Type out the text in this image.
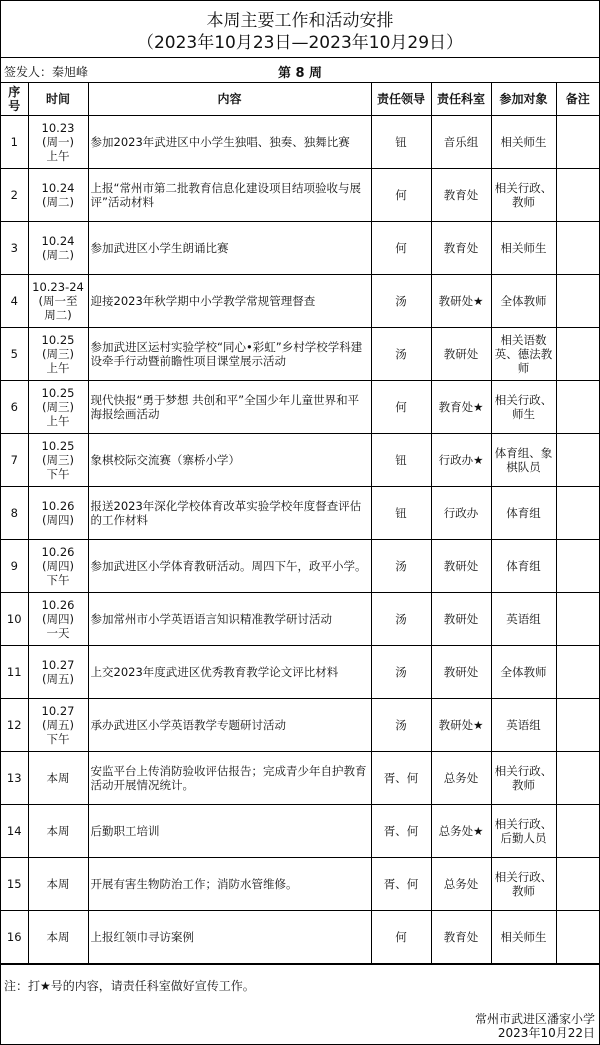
本周主要工作和活动安排
（2023年10月23日—2023年10月29日）
签发人：秦旭峰	第 8 周
序号	时间	内容	责任领导	责任科室	参加对象	备注
1	10.23
(周一)
上午	参加2023年武进区中小学生独唱、独奏、独舞比赛	钮	音乐组	相关师生	
2	10.24
(周二)	上报“常州市第二批教育信息化建设项目结项验收与展评”活动材料	何	教育处	相关行政、教师	
3	10.24
(周二)	参加武进区小学生朗诵比赛	何	教育处	相关师生	
4	10.23-24
(周一至
周二)	迎接2023年秋学期中小学教学常规管理督查	汤	教研处★	全体教师	
5	10.25
(周三)
上午	参加武进区运村实验学校“同心•彩虹”乡村学校学科建设牵手行动暨前瞻性项目课堂展示活动	汤	教研处	相关语数英、德法教师	
6	10.25
(周三)
上午	现代快报“勇于梦想 共创和平”全国少年儿童世界和平海报绘画活动	何	教育处★	相关行政、师生	
7	10.25
(周三)
下午	象棋校际交流赛（寨桥小学）	钮	行政办★	体育组、象棋队员	
8	10.26
(周四)	报送2023年深化学校体育改革实验学校年度督查评估的工作材料	钮	行政办	体育组	
9	10.26
(周四)
下午	参加武进区小学体育教研活动。周四下午，政平小学。	汤	教研处	体育组	
10	10.26
(周四)
一天	参加常州市小学英语语言知识精准教学研讨活动	汤	教研处	英语组	
11	10.27
(周五)	上交2023年度武进区优秀教育教学论文评比材料	汤	教研处	全体教师	
12	10.27
(周五)
下午	承办武进区小学英语教学专题研讨活动	汤	教研处★	英语组	
13	本周	安监平台上传消防验收评估报告；完成青少年自护教育活动开展情况统计。	胥、何	总务处	相关行政、教师	
14	本周	后勤职工培训	胥、何	总务处★	相关行政、后勤人员	
15	本周	开展有害生物防治工作；消防水管维修。	胥、何	总务处	相关行政、教师	
16	本周	上报红领巾寻访案例	何	教育处	相关师生	
注：打★号的内容，请责任科室做好宣传工作。
常州市武进区潘家小学
2023年10月22日
